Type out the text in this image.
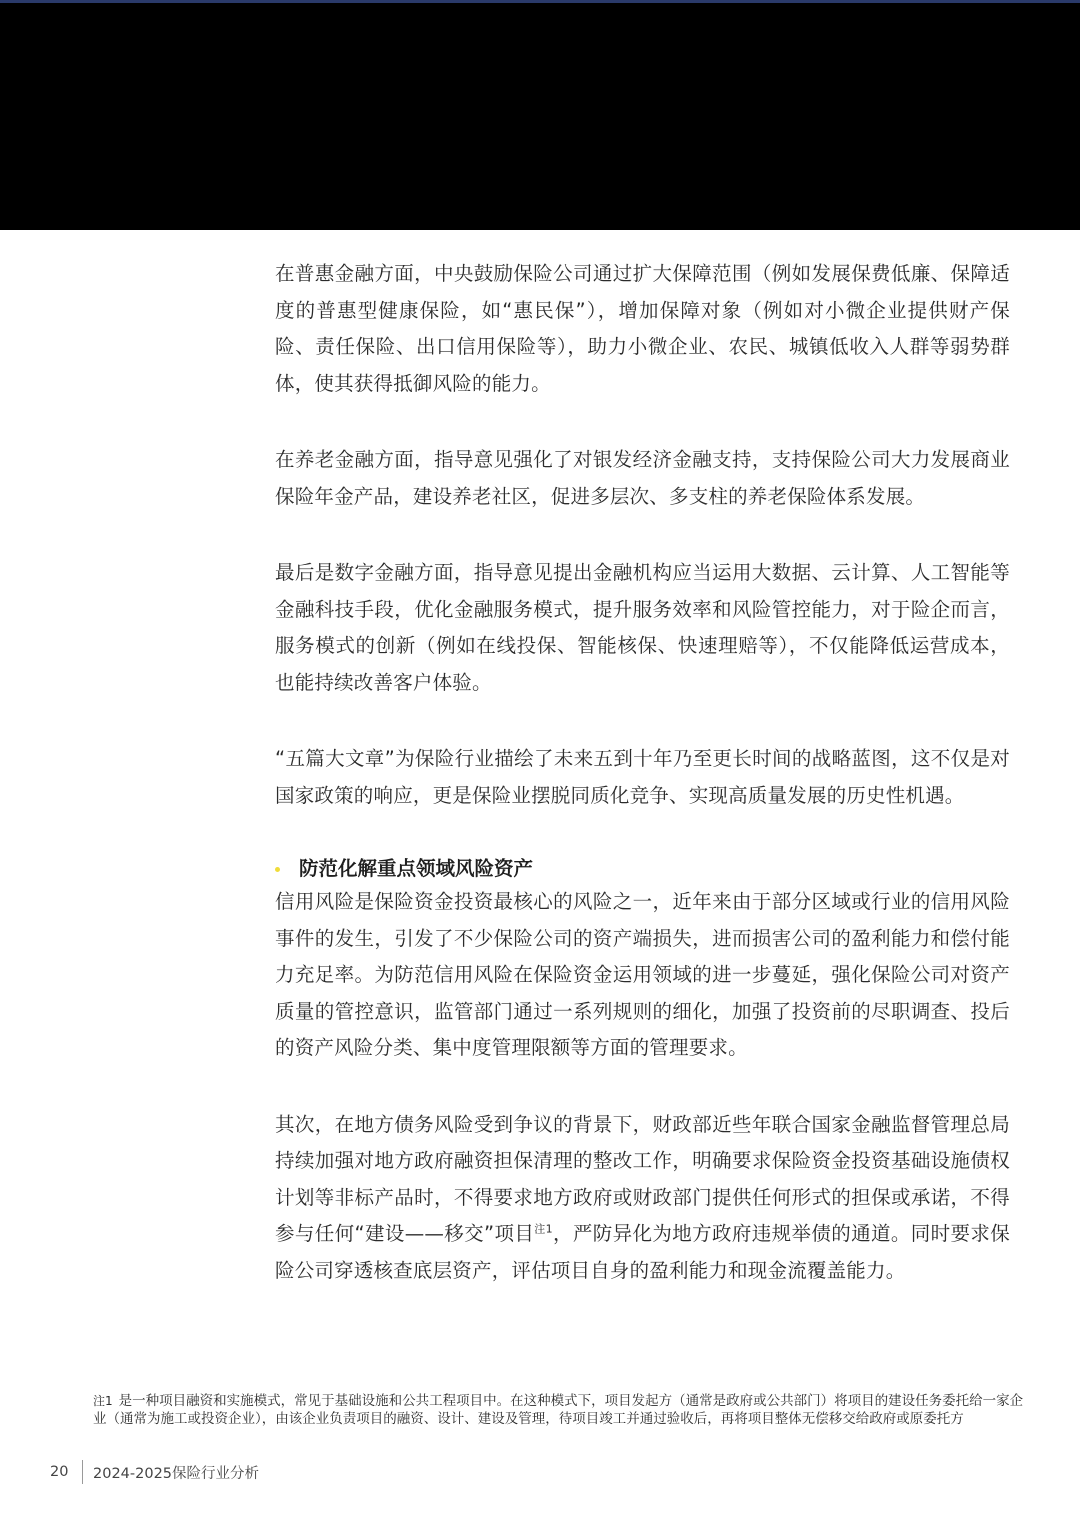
在普惠金融方面，中央鼓励保险公司通过扩大保障范围（例如发展保费低廉、保障适度的普惠型健康保险，如“惠民保”），增加保障对象（例如对小微企业提供财产保险、责任保险、出口信用保险等），助力小微企业、农民、城镇低收入人群等弱势群体，使其获得抵御风险的能力。

在养老金融方面，指导意见强化了对银发经济金融支持，支持保险公司大力发展商业保险年金产品，建设养老社区，促进多层次、多支柱的养老保险体系发展。

最后是数字金融方面，指导意见提出金融机构应当运用大数据、云计算、人工智能等金融科技手段，优化金融服务模式，提升服务效率和风险管控能力，对于险企而言，服务模式的创新（例如在线投保、智能核保、快速理赔等），不仅能降低运营成本，也能持续改善客户体验。

“五篇大文章”为保险行业描绘了未来五到十年乃至更长时间的战略蓝图，这不仅是对国家政策的响应，更是保险业摆脱同质化竞争、实现高质量发展的历史性机遇。

防范化解重点领域风险资产

信用风险是保险资金投资最核心的风险之一，近年来由于部分区域或行业的信用风险事件的发生，引发了不少保险公司的资产端损失，进而损害公司的盈利能力和偿付能力充足率。为防范信用风险在保险资金运用领域的进一步蔓延，强化保险公司对资产质量的管控意识，监管部门通过一系列规则的细化，加强了投资前的尽职调查、投后的资产风险分类、集中度管理限额等方面的管理要求。

其次，在地方债务风险受到争议的背景下，财政部近些年联合国家金融监督管理总局持续加强对地方政府融资担保清理的整改工作，明确要求保险资金投资基础设施债权计划等非标产品时，不得要求地方政府或财政部门提供任何形式的担保或承诺，不得参与任何“建设——移交”项目$^{注1}$，严防异化为地方政府违规举债的通道。同时要求保险公司穿透核查底层资产，评估项目自身的盈利能力和现金流覆盖能力。

注1 是一种项目融资和实施模式，常见于基础设施和公共工程项目中。在这种模式下，项目发起方（通常是政府或公共部门）将项目的建设任务委托给一家企业（通常为施工或投资企业），由该企业负责项目的融资、设计、建设及管理，待项目竣工并通过验收后，再将项目整体无偿移交给政府或原委托方

20	2024-2025保险行业分析
